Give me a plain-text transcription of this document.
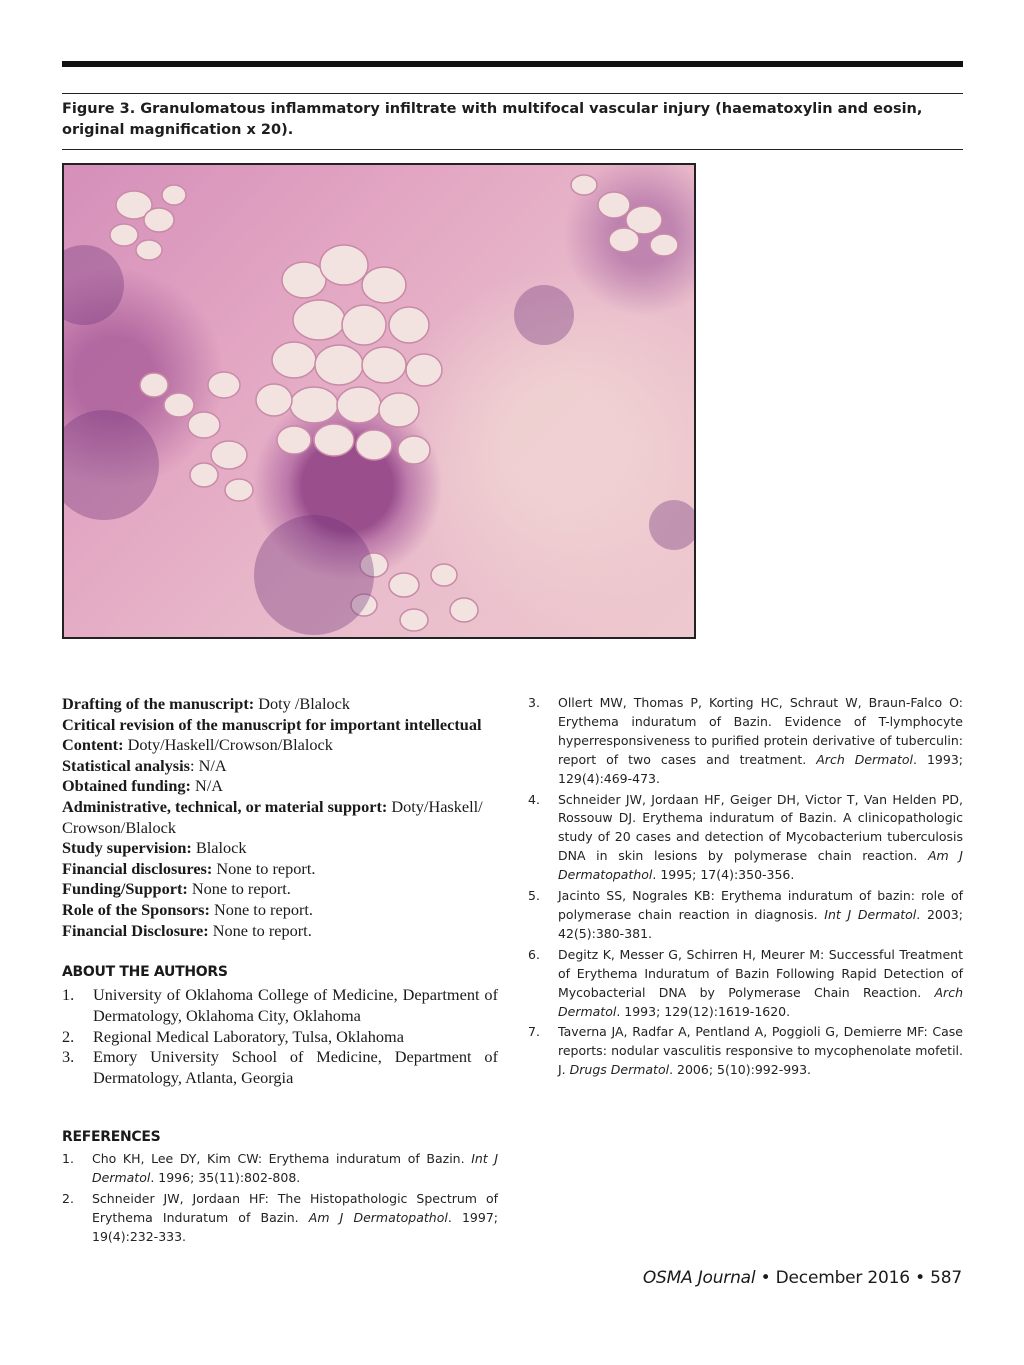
Figure 3. Granulomatous inflammatory infiltrate with multifocal vascular injury (haematoxylin and eosin, original magnification x 20).

Drafting of the manuscript: Doty /Blalock

Critical revision of the manuscript for important intellectual Content: Doty/Haskell/Crowson/Blalock

Statistical analysis: N/A

Obtained funding: N/A

Administrative, technical, or material support: Doty/Haskell/ Crowson/Blalock

Study supervision: Blalock

Financial disclosures: None to report.

Funding/Support: None to report.

Role of the Sponsors: None to report.

Financial Disclosure: None to report.

ABOUT THE AUTHORS
1. University of Oklahoma College of Medicine, Department of Dermatology, Oklahoma City, Oklahoma
2. Regional Medical Laboratory, Tulsa, Oklahoma
3. Emory University School of Medicine, Department of Dermatology, Atlanta, Georgia
REFERENCES
1. Cho KH, Lee DY, Kim CW: Erythema induratum of Bazin. Int J Dermatol. 1996; 35(11):802-808.
2. Schneider JW, Jordaan HF: The Histopathologic Spectrum of Erythema Induratum of Bazin. Am J Dermatopathol. 1997; 19(4):232-333.
3. Ollert MW, Thomas P, Korting HC, Schraut W, Braun-Falco O: Erythema induratum of Bazin. Evidence of T-lymphocyte hyperresponsiveness to purified protein derivative of tuberculin: report of two cases and treatment. Arch Dermatol. 1993; 129(4):469-473.
4. Schneider JW, Jordaan HF, Geiger DH, Victor T, Van Helden PD, Rossouw DJ. Erythema induratum of Bazin. A clinicopathologic study of 20 cases and detection of Mycobacterium tuberculosis DNA in skin lesions by polymerase chain reaction. Am J Dermatopathol. 1995; 17(4):350-356.
5. Jacinto SS, Nograles KB: Erythema induratum of bazin: role of polymerase chain reaction in diagnosis. Int J Dermatol. 2003; 42(5):380-381.
6. Degitz K, Messer G, Schirren H, Meurer M: Successful Treatment of Erythema Induratum of Bazin Following Rapid Detection of Mycobacterial DNA by Polymerase Chain Reaction. Arch Dermatol. 1993; 129(12):1619-1620.
7. Taverna JA, Radfar A, Pentland A, Poggioli G, Demierre MF: Case reports: nodular vasculitis responsive to mycophenolate mofetil. J. Drugs Dermatol. 2006; 5(10):992-993.
OSMA Journal • December 2016 • 587
